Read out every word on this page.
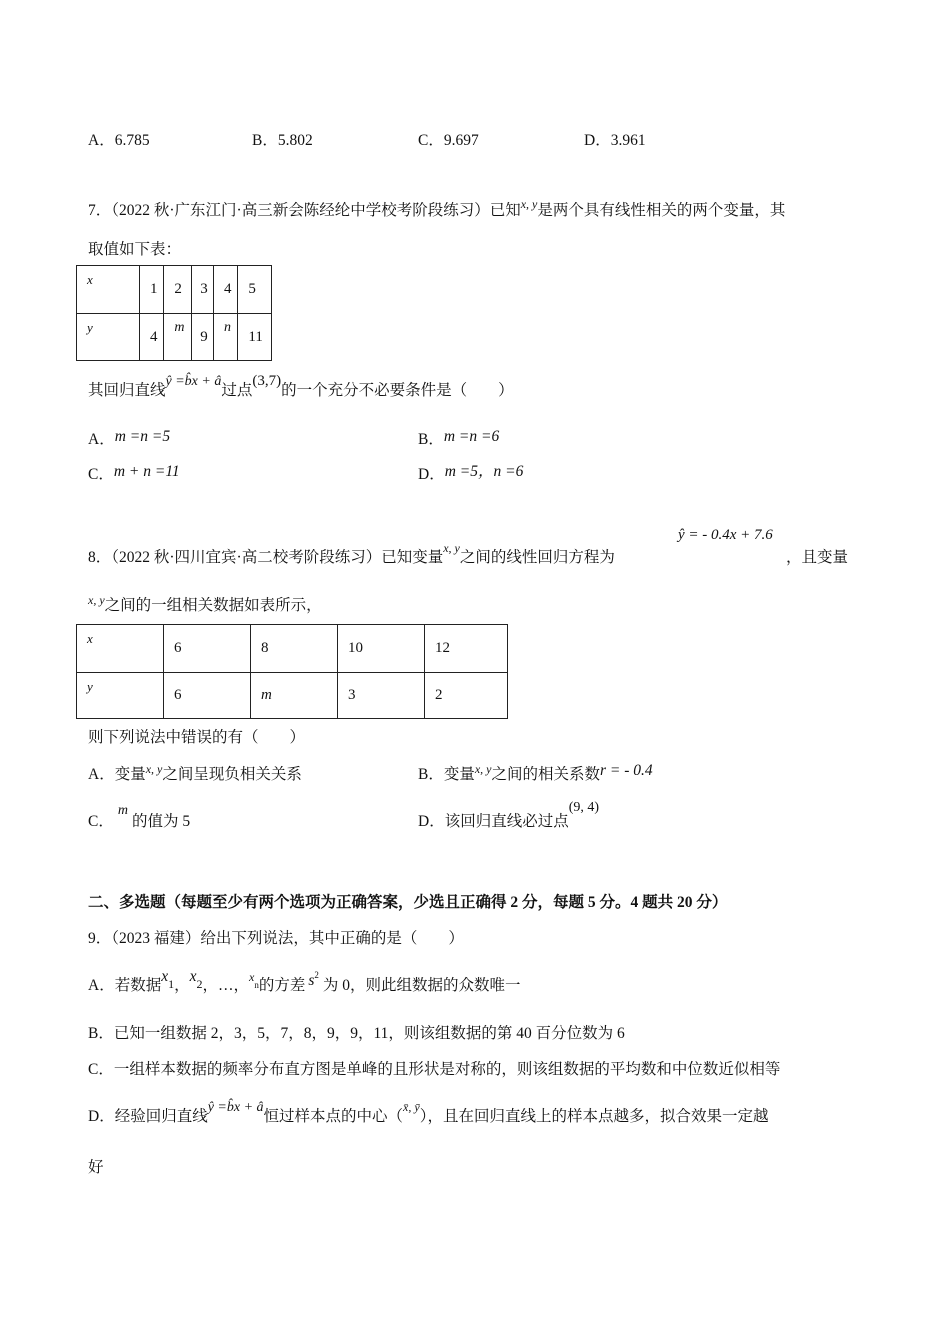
A．6.785	B．5.802	C．9.697	D．3.961
7．（2022 秋·广东江门·高三新会陈经纶中学校考阶段练习）已知$^{x, y}$是两个具有线性相关的两个变量，其
取值如下表：
x	1	2	3	4	5
y	4	m	9	n	11
其回归直线ŷ =b̂x + â过点(3,7)的一个充分不必要条件是（　　）
A．m =n =5	B．m =n =6
C．m + n =11	D．m =5，n =6
8．（2022 秋·四川宜宾·高二校考阶段练习）已知变量$^{x, y}$之间的线性回归方程为
ŷ = - 0.4x + 7.6
，且变量
$^{x, y}$之间的一组相关数据如表所示，
x	6	8	10	12
y	6	m	3	2
则下列说法中错误的有（　　）
A．变量$^{x, y}$之间呈现负相关关系	B．变量$^{x, y}$之间的相关系数r = - 0.4
C．m的值为 5	D．该回归直线必过点(9, 4)
二、多选题（每题至少有两个选项为正确答案，少选且正确得 2 分，每题 5 分。4 题共 20 分）
9．（2023 福建）给出下列说法，其中正确的是（　　）
A．若数据$x_1$，$x_2$，…，$^x_n$的方差 $s^2$为 0，则此组数据的众数唯一
B．已知一组数据 2，3，5，7，8，9，9，11，则该组数据的第 40 百分位数为 6
C．一组样本数据的频率分布直方图是单峰的且形状是对称的，则该组数据的平均数和中位数近似相等
D．经验回归直线ŷ =b̂x + â恒过样本点的中心（$^{x̄, ȳ}$），且在回归直线上的样本点越多，拟合效果一定越
好
